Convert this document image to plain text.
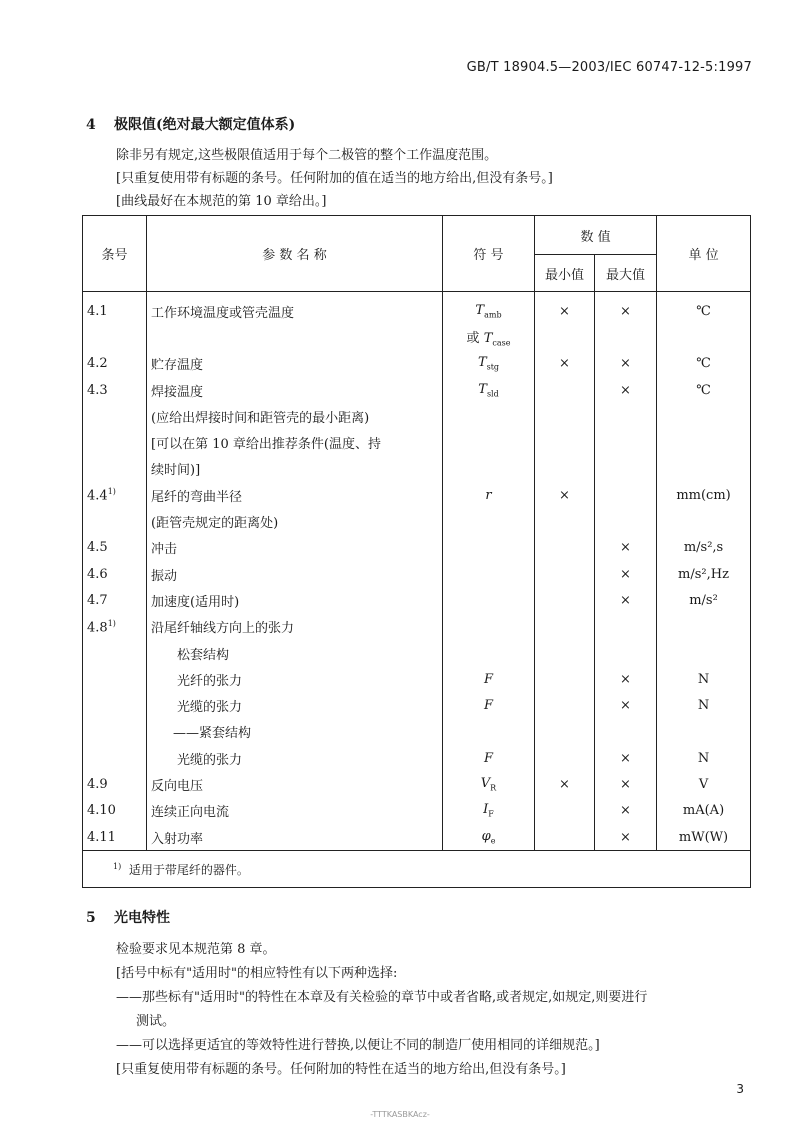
GB/T 18904.5—2003/IEC 60747-12-5:1997
4 极限值(绝对最大额定值体系)
除非另有规定,这些极限值适用于每个二极管的整个工作温度范围。
[只重复使用带有标题的条号。任何附加的值在适当的地方给出,但没有条号。]
[曲线最好在本规范的第 10 章给出。]
条号	参 数 名 称	符 号	数 值		单 位
			最小值	最大值	
4.1	工作环境温度或管壳温度	$T_{amb}$	×	×	℃
		或 $T_{case}$			
4.2	贮存温度	$T_{stg}$	×	×	℃
4.3	焊接温度	$T_{sld}$		×	℃
	(应给出焊接时间和距管壳的最小距离)				
	[可以在第 10 章给出推荐条件(温度、持				
	续时间)]				
4.4$^{1)}$	尾纤的弯曲半径	r	×		mm(cm)
	(距管壳规定的距离处)				
4.5	冲击			×	m/s²,s
4.6	振动			×	m/s²,Hz
4.7	加速度(适用时)			×	m/s²
4.8$^{1)}$	沿尾纤轴线方向上的张力				
	松套结构				
	光纤的张力	F		×	N
	光缆的张力	F		×	N
	——紧套结构				
	光缆的张力	F		×	N
4.9	反向电压	$V_R$	×	×	V
4.10	连续正向电流	$I_F$		×	mA(A)
4.11	入射功率	$\varphi_e$		×	mW(W)
$^{1)}$ 适用于带尾纤的器件。					
5 光电特性
检验要求见本规范第 8 章。
[括号中标有"适用时"的相应特性有以下两种选择:
——那些标有"适用时"的特性在本章及有关检验的章节中或者省略,或者规定,如规定,则要进行
测试。
——可以选择更适宜的等效特性进行替换,以便让不同的制造厂使用相同的详细规范。]
[只重复使用带有标题的条号。任何附加的特性在适当的地方给出,但没有条号。]
3
-TTTKASBKAcz-
